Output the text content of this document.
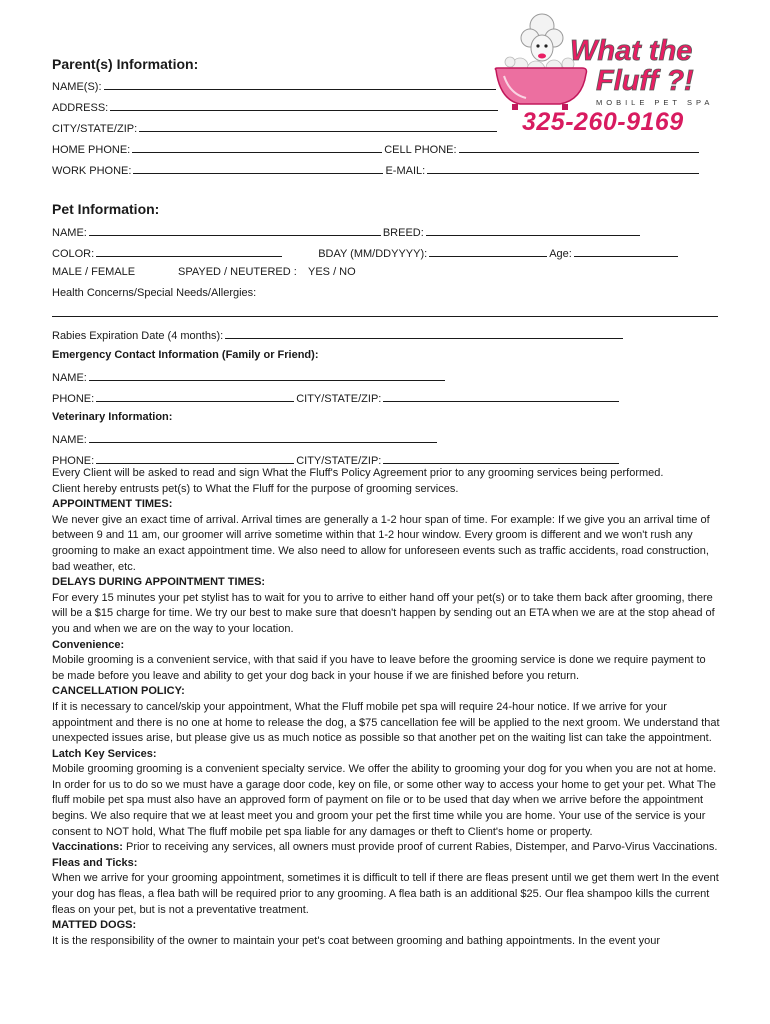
What the
Fluff ?!
MOBILE PET SPA
325-260-9169
Parent(s) Information:
NAME(S):
ADDRESS:
CITY/STATE/ZIP:
HOME PHONE:	CELL PHONE:
WORK PHONE:	E-MAIL:
Pet Information:
NAME:	BREED:
COLOR:	BDAY (MM/DDYYYY):	Age:
MALE / FEMALE	SPAYED / NEUTERED : YES / NO
Health Concerns/Special Needs/Allergies:
Rabies Expiration Date (4 months):
Emergency Contact Information (Family or Friend):
NAME:
PHONE:	CITY/STATE/ZIP:
Veterinary Information:
NAME:
PHONE:	CITY/STATE/ZIP:

Every Client will be asked to read and sign What the Fluff's Policy Agreement prior to any grooming services being performed.

Client hereby entrusts pet(s) to What the Fluff for the purpose of grooming services.

APPOINTMENT TIMES:

We never give an exact time of arrival. Arrival times are generally a 1-2 hour span of time. For example: If we give you an arrival time of between 9 and 11 am, our groomer will arrive sometime within that 1-2 hour window. Every groom is different and we won't rush any grooming to make an exact appointment time. We also need to allow for unforeseen events such as traffic accidents, road construction, bad weather, etc.

DELAYS DURING APPOINTMENT TIMES:

For every 15 minutes your pet stylist has to wait for you to arrive to either hand off your pet(s) or to take them back after grooming, there will be a $15 charge for time. We try our best to make sure that doesn't happen by sending out an ETA when we are at the stop ahead of you and when we are on the way to your location.

Convenience:

Mobile grooming is a convenient service, with that said if you have to leave before the grooming service is done we require payment to be made before you leave and ability to get your dog back in your house if we are finished before you return.

CANCELLATION POLICY:

If it is necessary to cancel/skip your appointment, What the Fluff mobile pet spa will require 24-hour notice. If we arrive for your appointment and there is no one at home to release the dog, a $75 cancellation fee will be applied to the next groom. We understand that unexpected issues arise, but please give us as much notice as possible so that another pet on the waiting list can take the appointment.

Latch Key Services:

Mobile grooming grooming is a convenient specialty service. We offer the ability to grooming your dog for you when you are not at home. In order for us to do so we must have a garage door code, key on file, or some other way to access your home to get your pet. What The fluff mobile pet spa must also have an approved form of payment on file or to be used that day when we arrive before the appointment begins. We also require that we at least meet you and groom your pet the first time while you are home. Your use of the service is your consent to NOT hold, What The fluff mobile pet spa liable for any damages or theft to Client's home or property.

Vaccinations: Prior to receiving any services, all owners must provide proof of current Rabies, Distemper, and Parvo-Virus Vaccinations.

Fleas and Ticks:

When we arrive for your grooming appointment, sometimes it is difficult to tell if there are fleas present until we get them wert In the event your dog has fleas, a flea bath will be required prior to any grooming. A flea bath is an additional $25. Our flea shampoo kills the current fleas on your pet, but is not a preventative treatment.

MATTED DOGS:

It is the responsibility of the owner to maintain your pet's coat between grooming and bathing appointments. In the event your
